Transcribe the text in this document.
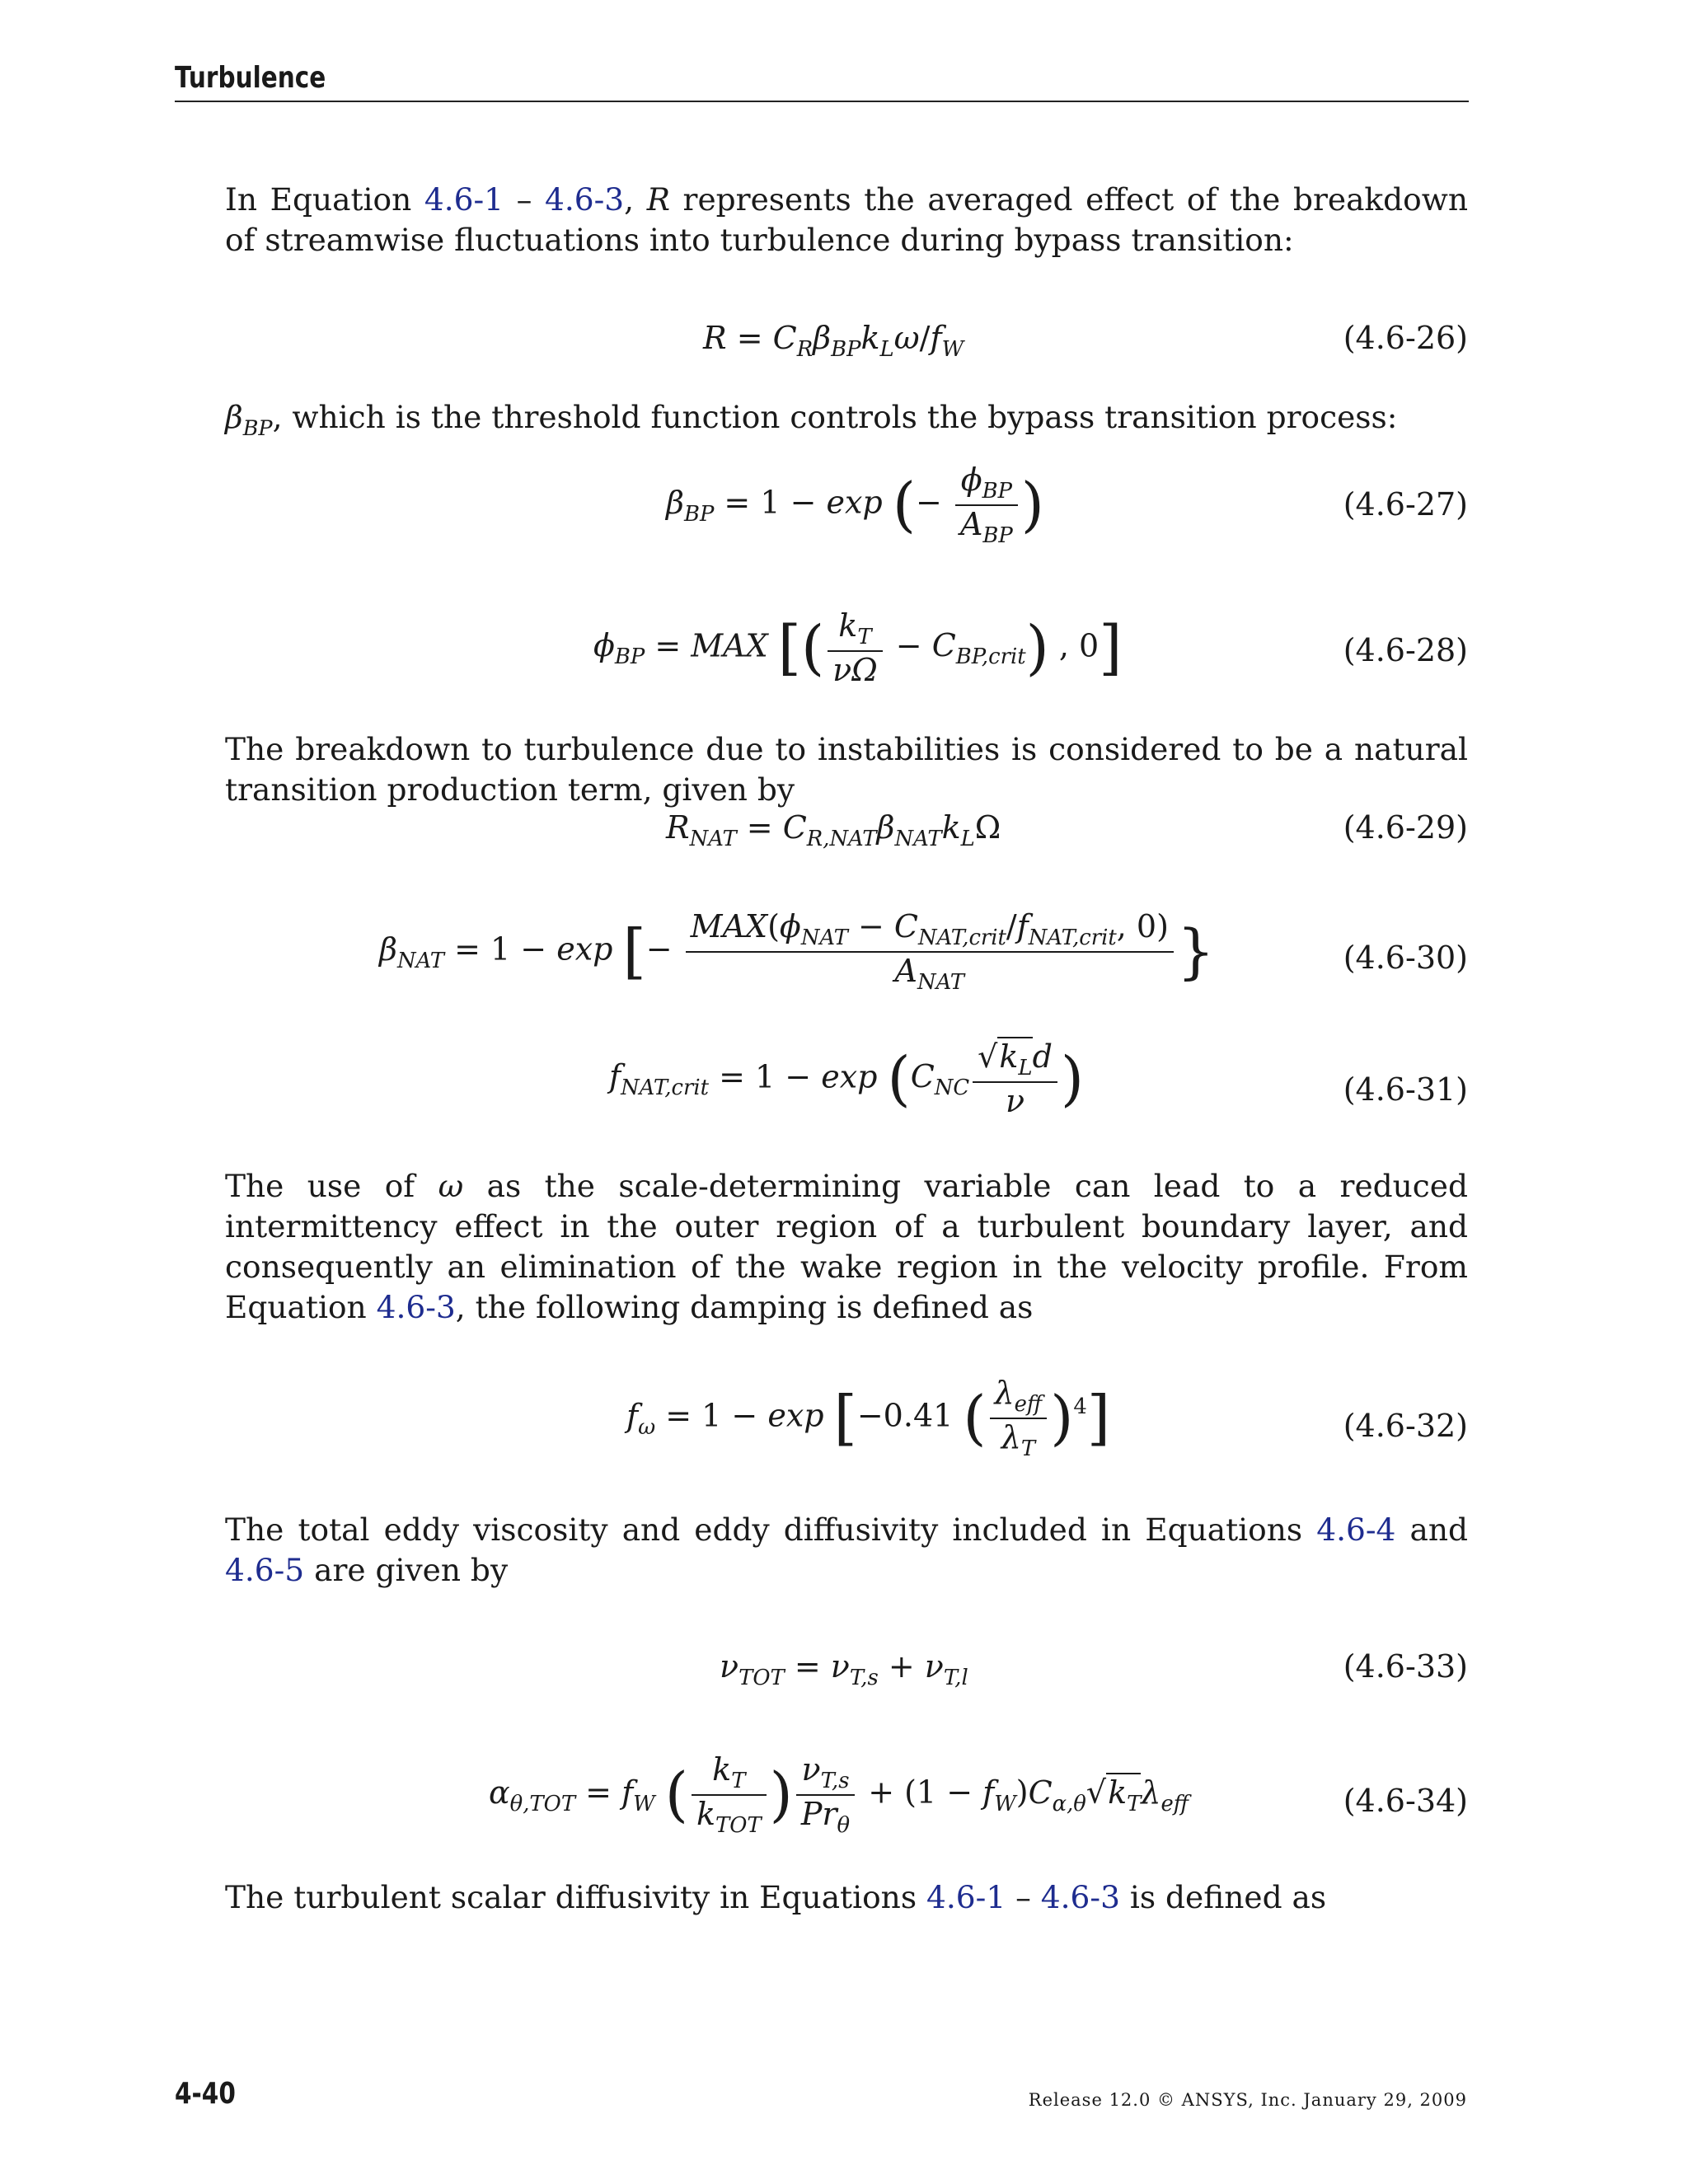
Turbulence

In Equation 4.6-1 – 4.6-3, R represents the averaged effect of the breakdown of streamwise fluctuations into turbulence during bypass transition:

$R = C_R\beta_{BP}k_L\omega/f_W$	(4.6-26)

$\beta_{BP}$, which is the threshold function controls the bypass transition process:

$\beta_{BP} = 1 - \exp$ (− $\frac{\phi_{BP}}{A_{BP}}$ )	(4.6-27)
$\phi_{BP}$ = MAX [( $\frac{k_T}{\nu\Omega} - C_{BP,crit}$) , 0]	(4.6-28)

The breakdown to turbulence due to instabilities is considered to be a natural transition production term, given by

$R_{NAT} = C_{R,NAT}\beta_{NAT}k_L\Omega$	(4.6-29)
$\beta_{NAT} = 1 - \exp$ [− $\frac{MAX(\phi_{NAT} - C_{NAT,crit}/f_{NAT,crit}, 0)}{A_{NAT}}$ }	(4.6-30)
$f_{NAT,crit} = 1 - \exp (C_{NC} \frac{√k_Ld}{\nu}$ )	(4.6-31)

The use of ω as the scale-determining variable can lead to a reduced intermittency effect in the outer region of a turbulent boundary layer, and consequently an elimination of the wake region in the velocity profile. From Equation 4.6-3, the following damping is defined as

$f_\omega = 1 - \exp [-0.41$ ( $\frac{\lambda_{eff}}{\lambda_T} )^4$]	(4.6-32)

The total eddy viscosity and eddy diffusivity included in Equations 4.6-4 and 4.6-5 are given by

$\nu_{TOT} = \nu_{T,s} + \nu_{T,l}$	(4.6-33)
$\alpha_{\theta,TOT} = f_W$ ( $\frac{k_T}{k_{TOT}}$ ) $\frac{\nu_{T,s}}{Pr_\theta} + (1 - f_W)C_{\alpha,\theta}√k_T\lambda_{eff}$	(4.6-34)

The turbulent scalar diffusivity in Equations 4.6-1 – 4.6-3 is defined as

4-40	Release 12.0 © ANSYS, Inc. January 29, 2009
